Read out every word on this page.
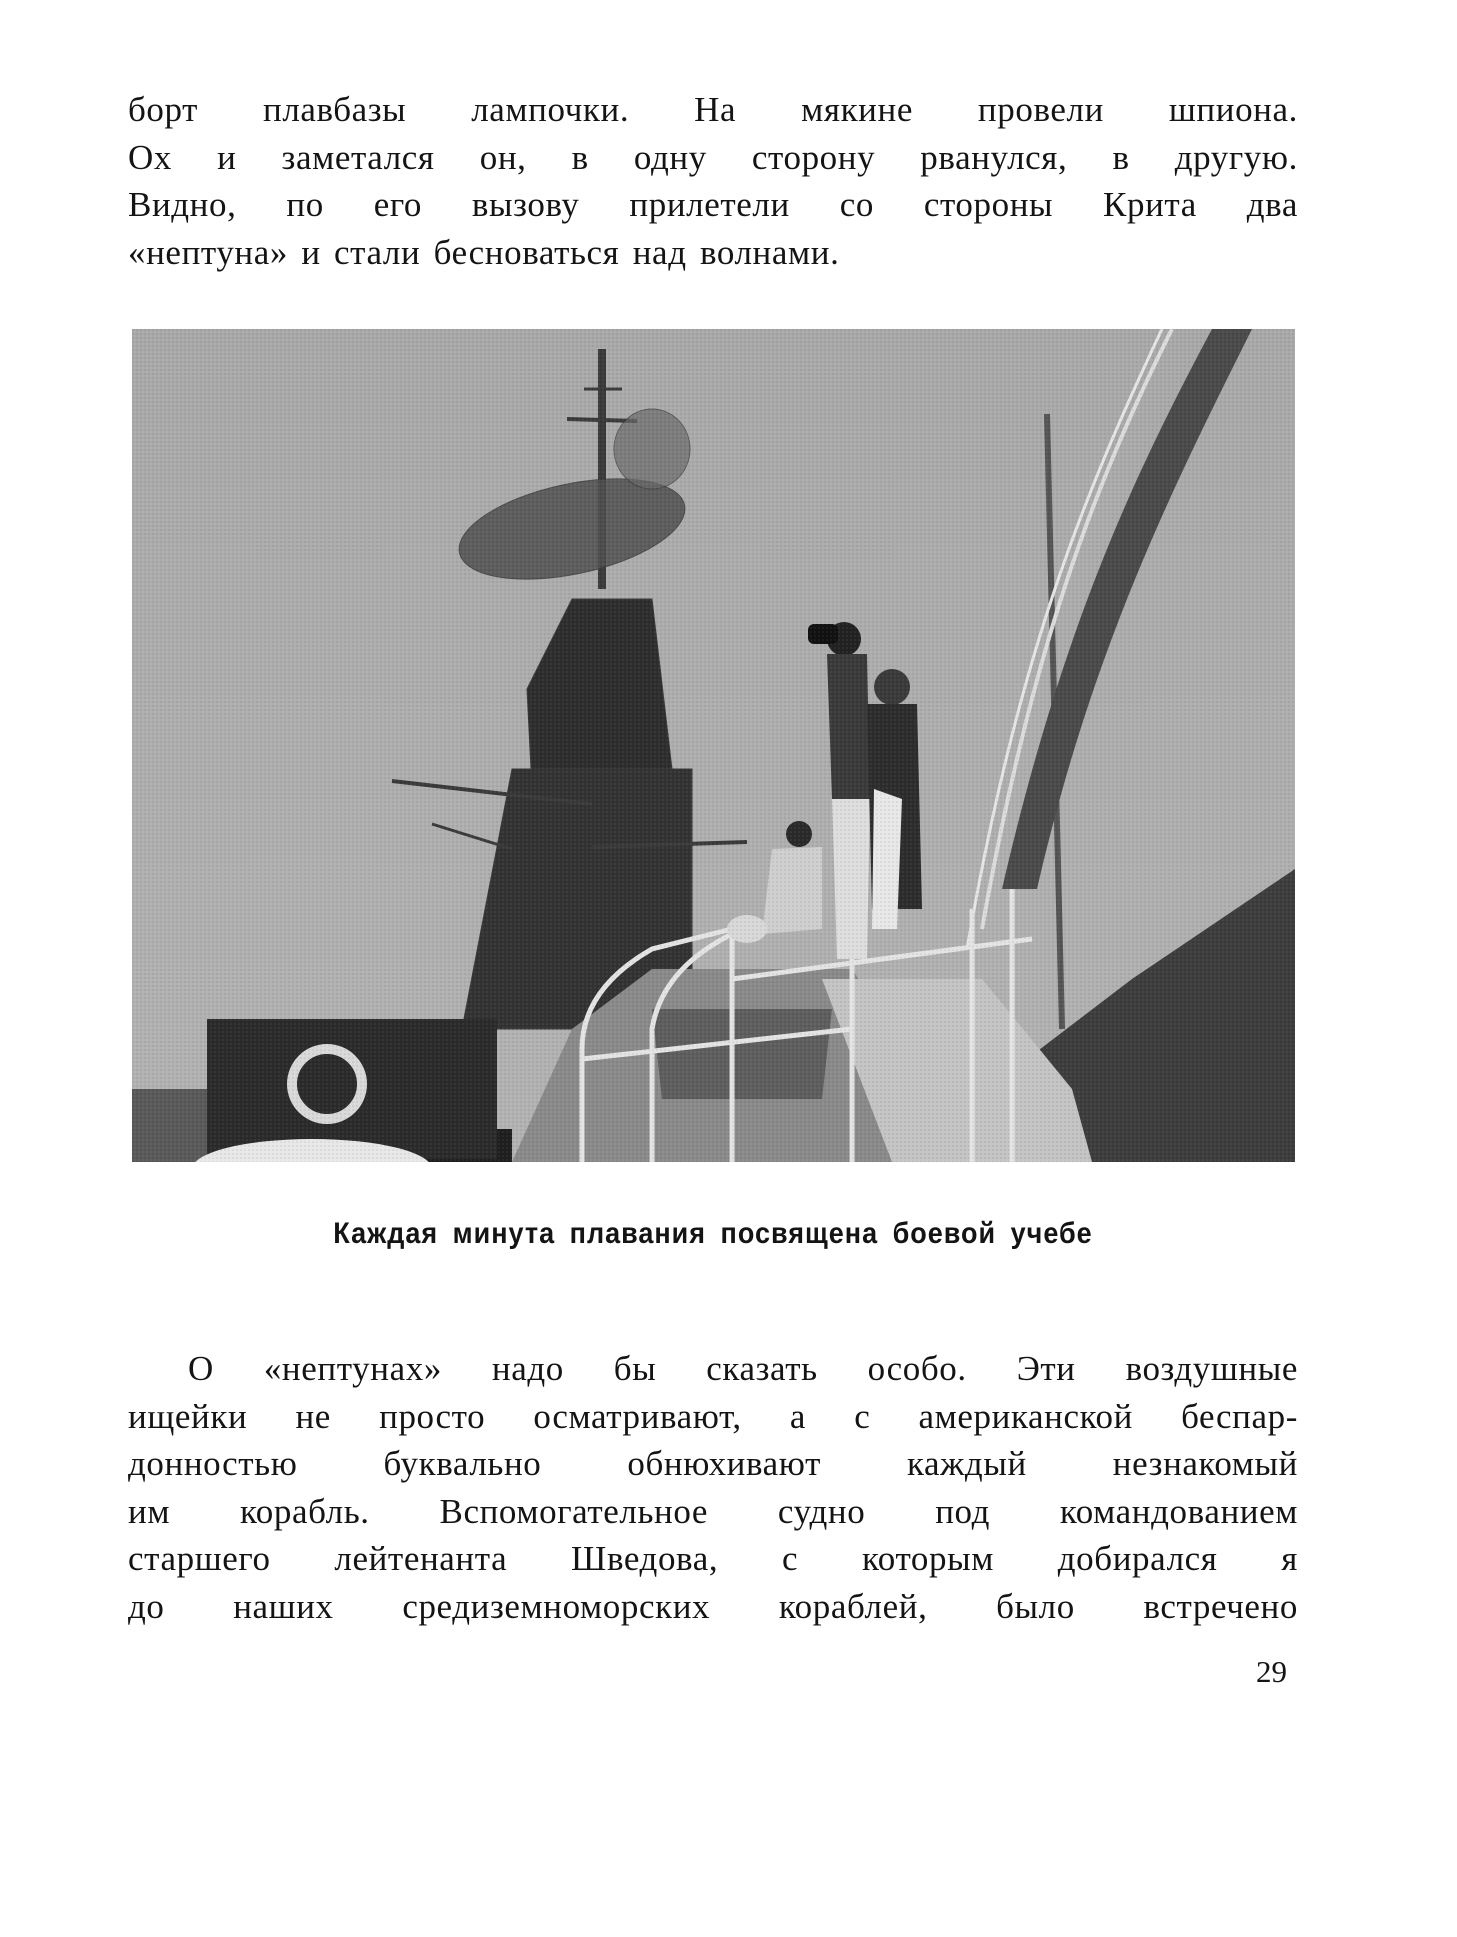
борт плавбазы лампочки. На мякине провели шпиона.
Ох и заметался он, в одну сторону рванулся, в другую.
Видно, по его вызову прилетели со стороны Крита два
«нептуна» и стали бесноваться над волнами.
Каждая минута плавания посвящена боевой учебе
О «нептунах» надо бы сказать особо. Эти воздушные
ищейки не просто осматривают, а с американской беспар-
донностью буквально обнюхивают каждый незнакомый
им корабль. Вспомогательное судно под командованием
старшего лейтенанта Шведова, с которым добирался я
до наших средиземноморских кораблей, было встречено
29
